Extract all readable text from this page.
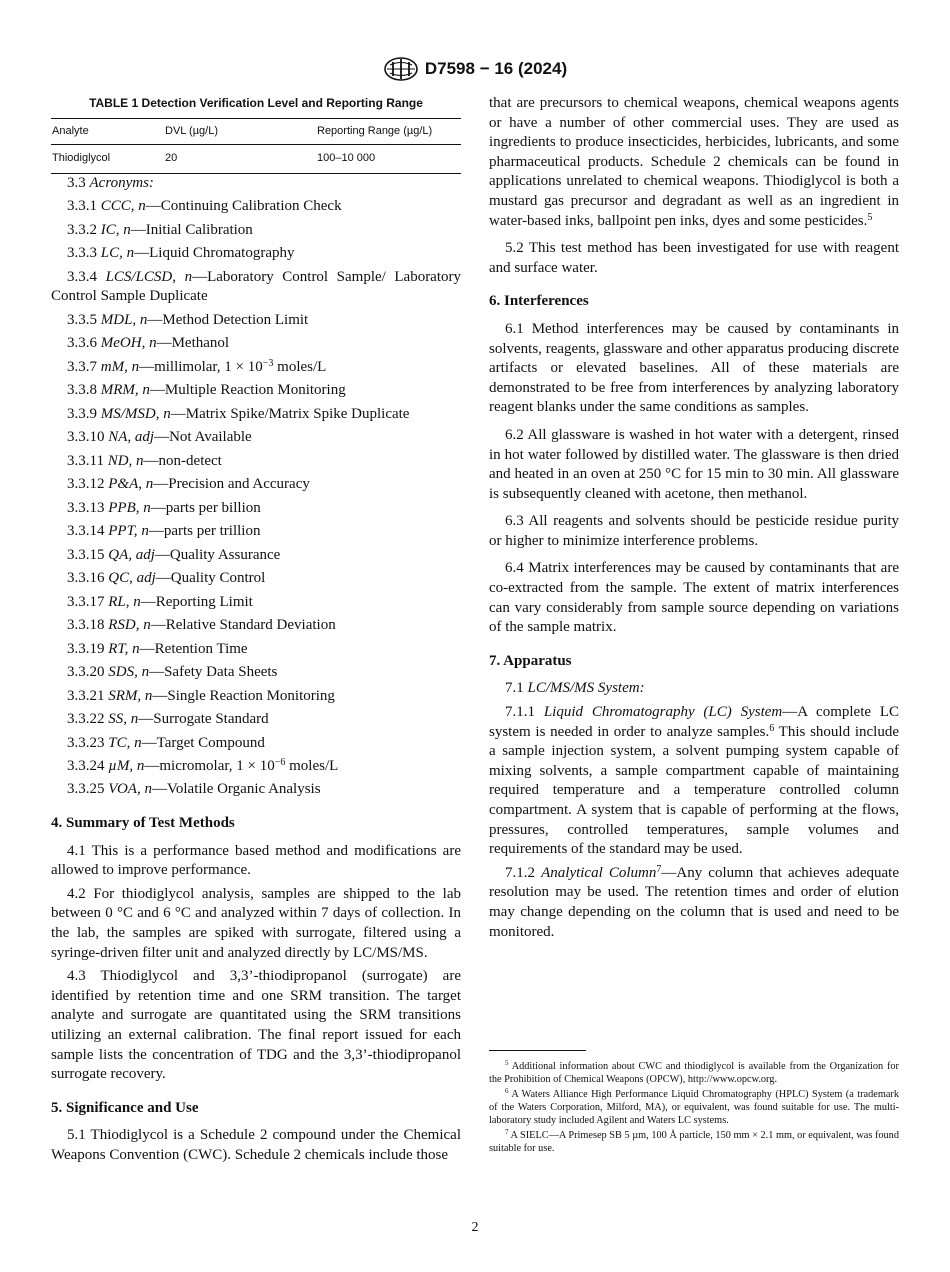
D7598 − 16 (2024)

TABLE 1 Detection Verification Level and Reporting Range

Analyte	DVL (µg/L)	Reporting Range (µg/L)
Thiodiglycol	20	100–10 000

3.3 Acronyms:

3.3.1 CCC, n—Continuing Calibration Check

3.3.2 IC, n—Initial Calibration

3.3.3 LC, n—Liquid Chromatography

3.3.4 LCS/LCSD, n—Laboratory Control Sample/ Laboratory Control Sample Duplicate

3.3.5 MDL, n—Method Detection Limit

3.3.6 MeOH, n—Methanol

3.3.7 mM, n—millimolar, $1 \times 10^{-3}$ moles/L

3.3.8 MRM, n—Multiple Reaction Monitoring

3.3.9 MS/MSD, n—Matrix Spike/Matrix Spike Duplicate

3.3.10 NA, adj—Not Available

3.3.11 ND, n—non-detect

3.3.12 P&A, n—Precision and Accuracy

3.3.13 PPB, n—parts per billion

3.3.14 PPT, n—parts per trillion

3.3.15 QA, adj—Quality Assurance

3.3.16 QC, adj—Quality Control

3.3.17 RL, n—Reporting Limit

3.3.18 RSD, n—Relative Standard Deviation

3.3.19 RT, n—Retention Time

3.3.20 SDS, n—Safety Data Sheets

3.3.21 SRM, n—Single Reaction Monitoring

3.3.22 SS, n—Surrogate Standard

3.3.23 TC, n—Target Compound

3.3.24 µM, n—micromolar, $1 \times 10^{-6}$ moles/L

3.3.25 VOA, n—Volatile Organic Analysis

4. Summary of Test Methods

4.1 This is a performance based method and modifications are allowed to improve performance.

4.2 For thiodiglycol analysis, samples are shipped to the lab between 0 °C and 6 °C and analyzed within 7 days of collection. In the lab, the samples are spiked with surrogate, filtered using a syringe-driven filter unit and analyzed directly by LC/MS/MS.

4.3 Thiodiglycol and 3,3’-thiodipropanol (surrogate) are identified by retention time and one SRM transition. The target analyte and surrogate are quantitated using the SRM transitions utilizing an external calibration. The final report issued for each sample lists the concentration of TDG and the 3,3’-thiodipropanol surrogate recovery.

5. Significance and Use

5.1 Thiodiglycol is a Schedule 2 compound under the Chemical Weapons Convention (CWC). Schedule 2 chemicals include those

that are precursors to chemical weapons, chemical weapons agents or have a number of other commercial uses. They are used as ingredients to produce insecticides, herbicides, lubricants, and some pharmaceutical products. Schedule 2 chemicals can be found in applications unrelated to chemical weapons. Thiodiglycol is both a mustard gas precursor and degradant as well as an ingredient in water-based inks, ballpoint pen inks, dyes and some pesticides.$^5$

5.2 This test method has been investigated for use with reagent and surface water.

6. Interferences

6.1 Method interferences may be caused by contaminants in solvents, reagents, glassware and other apparatus producing discrete artifacts or elevated baselines. All of these materials are demonstrated to be free from interferences by analyzing laboratory reagent blanks under the same conditions as samples.

6.2 All glassware is washed in hot water with a detergent, rinsed in hot water followed by distilled water. The glassware is then dried and heated in an oven at 250 °C for 15 min to 30 min. All glassware is subsequently cleaned with acetone, then methanol.

6.3 All reagents and solvents should be pesticide residue purity or higher to minimize interference problems.

6.4 Matrix interferences may be caused by contaminants that are co-extracted from the sample. The extent of matrix interferences can vary considerably from sample source depending on variations of the sample matrix.

7. Apparatus

7.1 LC/MS/MS System:

7.1.1 Liquid Chromatography (LC) System—A complete LC system is needed in order to analyze samples.$^6$ This should include a sample injection system, a solvent pumping system capable of mixing solvents, a sample compartment capable of maintaining required temperature and a temperature controlled column compartment. A system that is capable of performing at the flows, pressures, controlled temperatures, sample volumes and requirements of the standard may be used.

7.1.2 Analytical Column$^7$—Any column that achieves adequate resolution may be used. The retention times and order of elution may change depending on the column that is used and need to be monitored.

$^5$ Additional information about CWC and thiodiglycol is available from the Organization for the Prohibition of Chemical Weapons (OPCW), http://www.opcw.org.

$^6$ A Waters Alliance High Performance Liquid Chromatography (HPLC) System (a trademark of the Waters Corporation, Milford, MA), or equivalent, was found suitable for use. The multi-laboratory study included Agilent and Waters LC systems.

$^7$ A SIELC—A Primesep SB 5 µm, 100 Å particle, 150 mm × 2.1 mm, or equivalent, was found suitable for use.

2
